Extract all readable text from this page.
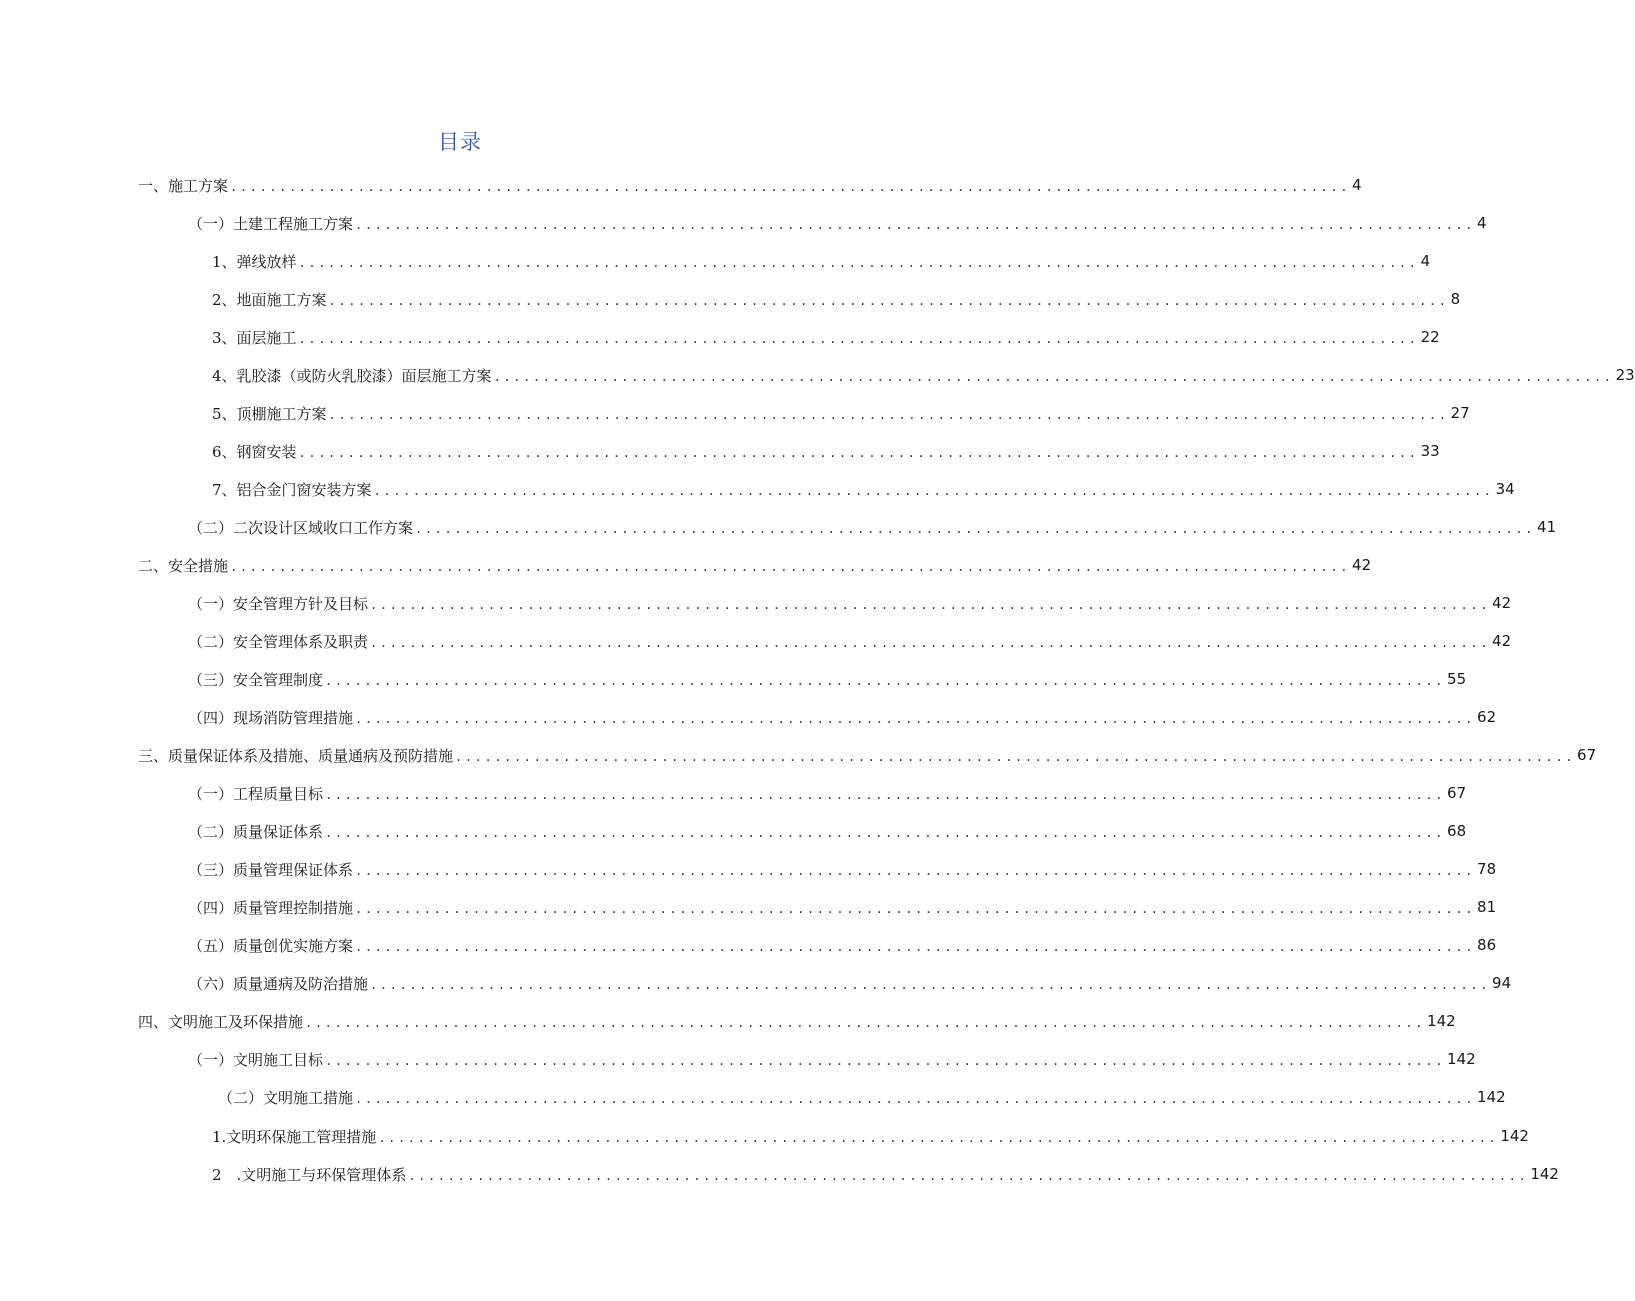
目录
一、施工方案 .................................................................................................................. 4
（一）土建工程施工方案 .................................................................................................................. 4
1、弹线放样 .................................................................................................................. 4
2、地面施工方案 .................................................................................................................. 8
3、面层施工 .................................................................................................................. 22
4、乳胶漆（或防火乳胶漆）面层施工方案 .................................................................................................................. 23
5、顶棚施工方案 .................................................................................................................. 27
6、钢窗安装 .................................................................................................................. 33
7、铝合金门窗安装方案 .................................................................................................................. 34
（二）二次设计区域收口工作方案 .................................................................................................................. 41
二、安全措施 .................................................................................................................. 42
（一）安全管理方针及目标 .................................................................................................................. 42
（二）安全管理体系及职责 .................................................................................................................. 42
（三）安全管理制度 .................................................................................................................. 55
（四）现场消防管理措施 .................................................................................................................. 62
三、质量保证体系及措施、质量通病及预防措施 .................................................................................................................. 67
（一）工程质量目标 .................................................................................................................. 67
（二）质量保证体系 .................................................................................................................. 68
（三）质量管理保证体系 .................................................................................................................. 78
（四）质量管理控制措施 .................................................................................................................. 81
（五）质量创优实施方案 .................................................................................................................. 86
（六）质量通病及防治措施 .................................................................................................................. 94
四、文明施工及环保措施 .................................................................................................................. 142
（一）文明施工目标 .................................................................................................................. 142
（二）文明施工措施 .................................................................................................................. 142
1.文明环保施工管理措施 .................................................................................................................. 142
2　.文明施工与环保管理体系 .................................................................................................................. 142
